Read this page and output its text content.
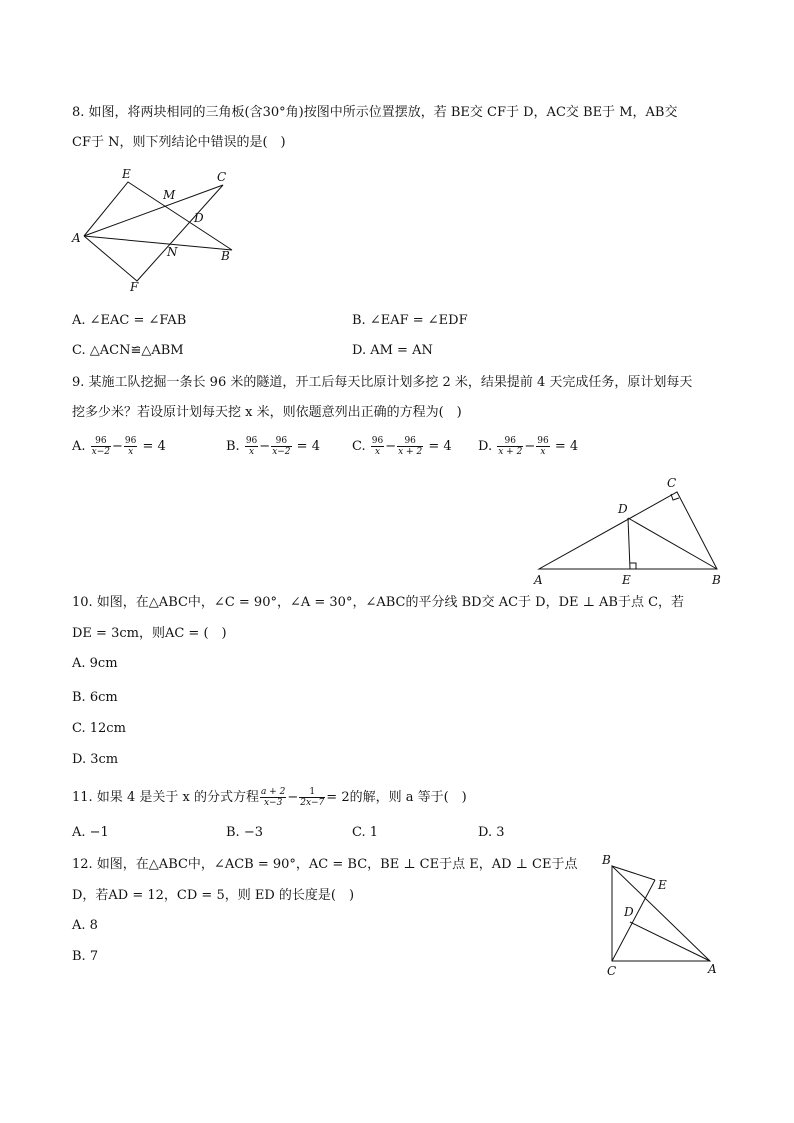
8. 如图，将两块相同的三角板(含30°角)按图中所示位置摆放，若 BE交 CF于 D，AC交 BE于 M，AB交
CF于 N，则下列结论中错误的是(　)
E	C
M
D
A
N	B
F
A. ∠EAC = ∠FAB	B. ∠EAF = ∠EDF
C. △ACN≌△ABM	D. AM = AN
9. 某施工队挖掘一条长 96 米的隧道，开工后每天比原计划多挖 2 米，结果提前 4 天完成任务，原计划每天
挖多少米？若设原计划每天挖 x 米，则依题意列出正确的方程为(　)
A. $\frac{96}{x-2} - \frac{96}{x} = 4$	B. $\frac{96}{x} - \frac{96}{x-2} = 4$ C. $\frac{96}{x} - \frac{96}{x + 2} = 4$ D. $\frac{96}{x + 2} - \frac{96}{x} = 4$
A	B
C
D
E
10. 如图，在△ABC中，∠C = 90°，∠A = 30°，∠ABC的平分线 BD交 AC于 D，DE ⊥ AB于点 C，若
DE = 3cm，则AC = (　)
A. 9cm
B. 6cm
C. 12cm
D. 3cm
11. 如果 4 是关于 x 的分式方程 $\frac{a + 2}{x-3} - \frac{1}{2x-7} = 2$的解，则 a 等于(　)
A. −1	B. −3	C. 1	D. 3
12. 如图，在△ABC中，∠ACB = 90°，AC = BC，BE ⊥ CE于点 E，AD ⊥ CE于点
D，若AD = 12，CD = 5，则 ED 的长度是(　)
A. 8
B. 7
B
E
D
C	A
